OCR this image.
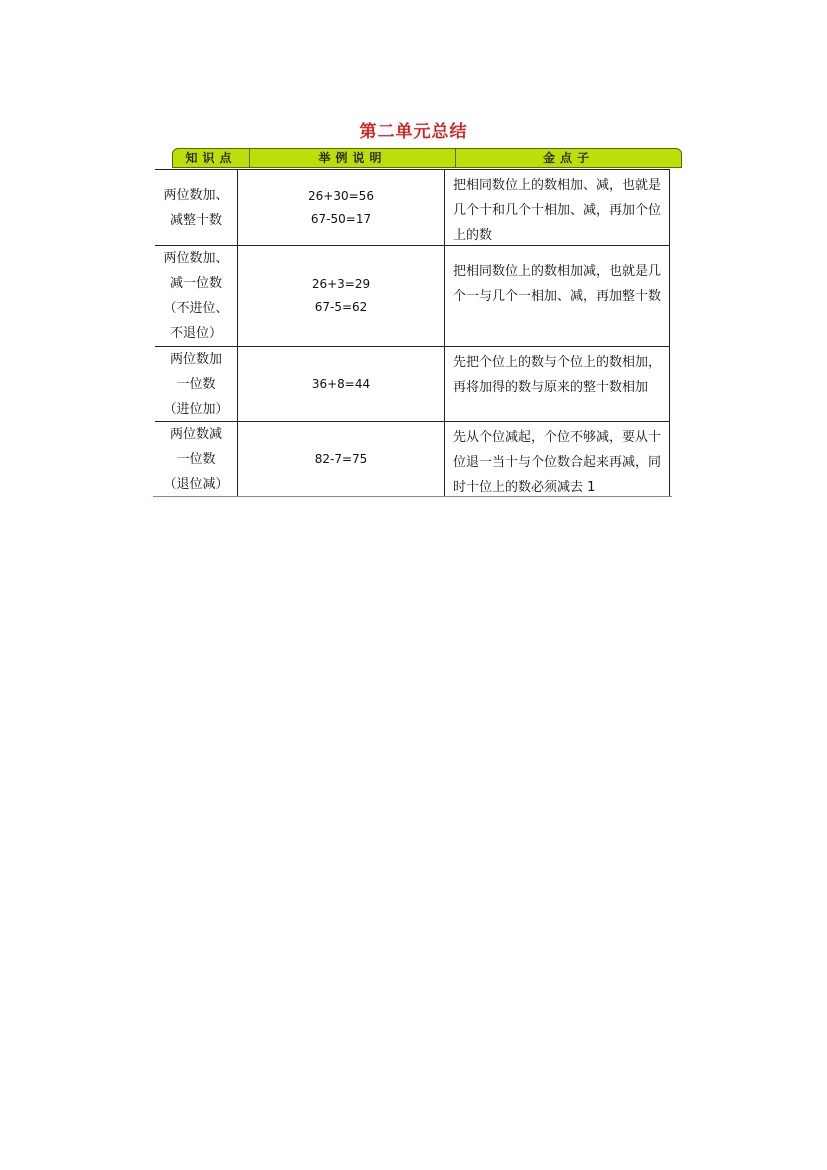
第二单元总结
知识点	举例说明	金点子
两位数加、
减整十数
26+30=56
67-50=17
把相同数位上的数相加、减，也就是几个十和几个十相加、减，再加个位上的数
两位数加、
减一位数
（不进位、
不退位）
26+3=29
67-5=62
把相同数位上的数相加减，也就是几个一与几个一相加、减，再加整十数
两位数加
一位数
（进位加）
36+8=44
先把个位上的数与个位上的数相加，再将加得的数与原来的整十数相加
两位数减
一位数
（退位减）
82-7=75
先从个位减起，个位不够减，要从十位退一当十与个位数合起来再减，同时十位上的数必须减去 1
